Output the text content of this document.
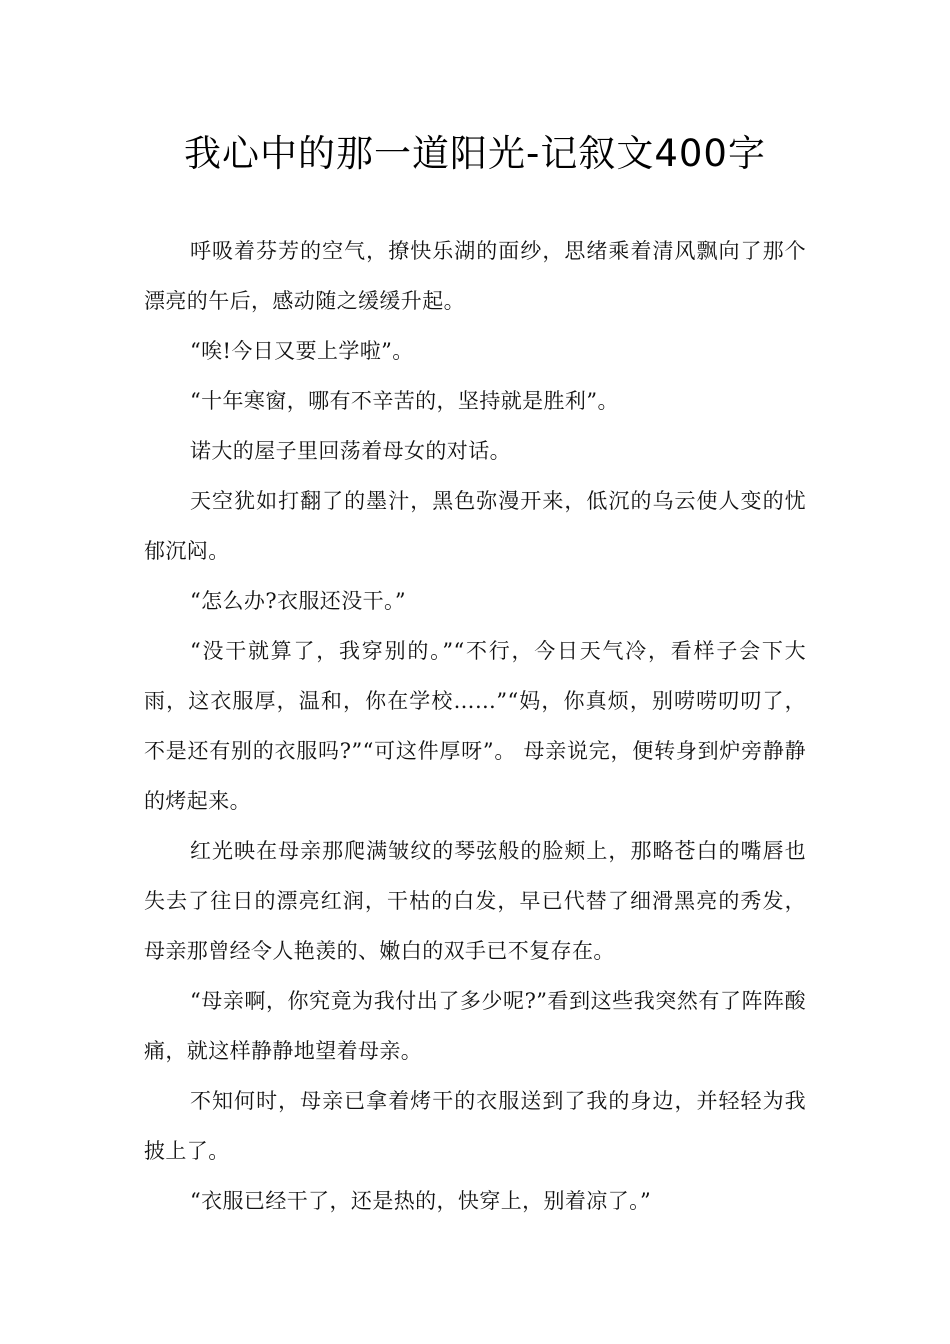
我心中的那一道阳光-记叙文400字

呼吸着芬芳的空气，撩快乐湖的面纱，思绪乘着清风飘向了那个漂亮的午后，感动随之缓缓升起。

“唉!今日又要上学啦”。

“十年寒窗，哪有不辛苦的，坚持就是胜利”。

诺大的屋子里回荡着母女的对话。

天空犹如打翻了的墨汁，黑色弥漫开来，低沉的乌云使人变的忧郁沉闷。

“怎么办?衣服还没干。”

“没干就算了，我穿别的。”“不行，今日天气冷，看样子会下大雨，这衣服厚，温和，你在学校……”“妈，你真烦，别唠唠叨叨了，不是还有别的衣服吗?”“可这件厚呀”。 母亲说完，便转身到炉旁静静的烤起来。

红光映在母亲那爬满皱纹的琴弦般的脸颊上，那略苍白的嘴唇也失去了往日的漂亮红润，干枯的白发，早已代替了细滑黑亮的秀发，母亲那曾经令人艳羡的、嫩白的双手已不复存在。

“母亲啊，你究竟为我付出了多少呢?”看到这些我突然有了阵阵酸痛，就这样静静地望着母亲。

不知何时，母亲已拿着烤干的衣服送到了我的身边，并轻轻为我披上了。

“衣服已经干了，还是热的，快穿上，别着凉了。”
